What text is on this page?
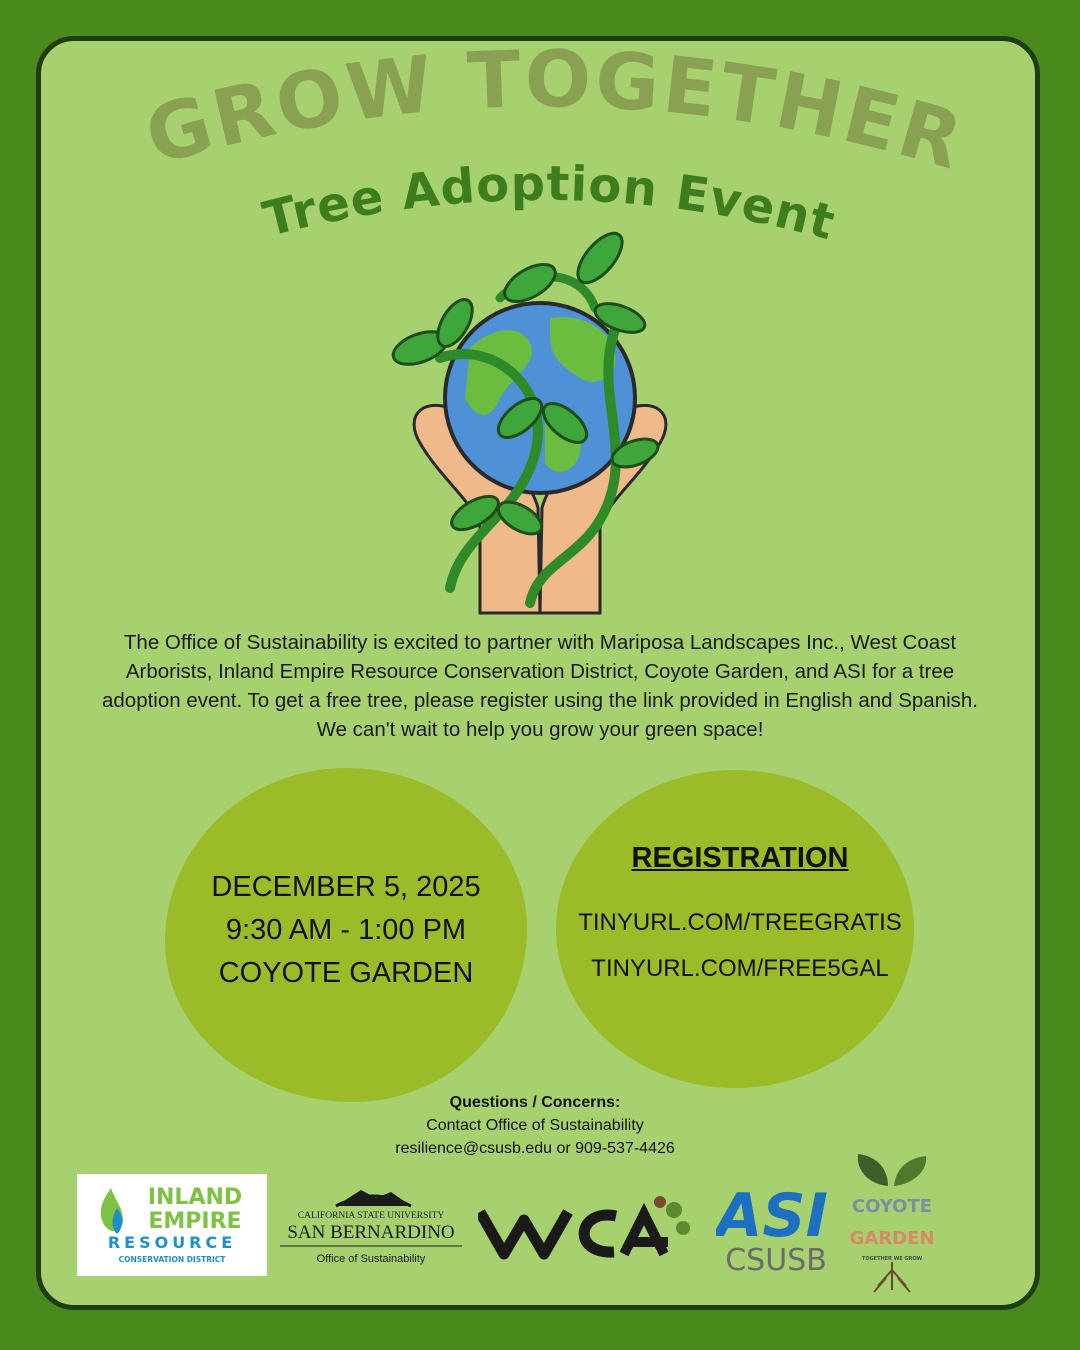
GROW TOGETHER
Tree Adoption Event
The Office of Sustainability is excited to partner with Mariposa Landscapes Inc., West Coast Arborists, Inland Empire Resource Conservation District, Coyote Garden, and ASI for a tree adoption event. To get a free tree, please register using the link provided in English and Spanish. We can't wait to help you grow your green space!
DECEMBER 5, 2025
9:30 AM - 1:00 PM
COYOTE GARDEN
REGISTRATION
TINYURL.COM/TREEGRATIS
TINYURL.COM/FREE5GAL
Questions / Concerns:
Contact Office of Sustainability
resilience@csusb.edu or 909-537-4426
INLAND
EMPIRE
RESOURCE
CONSERVATION DISTRICT
CALIFORNIA STATE UNIVERSITY
SAN BERNARDINO
Office of Sustainability	WCA
ASI
CSUSB
COYOTE
GARDEN
TOGETHER WE GROW
